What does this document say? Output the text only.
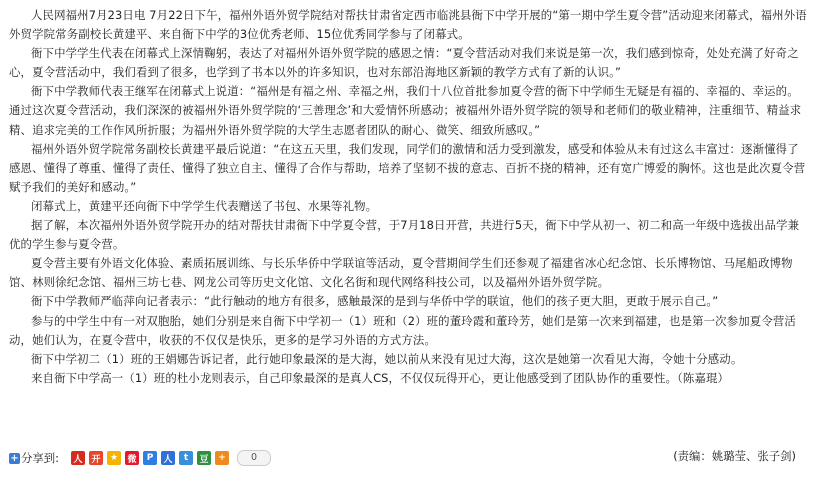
人民网福州7月23日电 7月22日下午，福州外语外贸学院结对帮扶甘肃省定西市临洮县衙下中学开展的“第一期中学生夏令营”活动迎来闭幕式，福州外语外贸学院常务副校长黄建平、来自衙下中学的3位优秀老师、15位优秀同学参与了闭幕式。

衙下中学学生代表在闭幕式上深情鞠躬，表达了对福州外语外贸学院的感恩之情：“夏令营活动对我们来说是第一次，我们感到惊奇，处处充满了好奇之心，夏令营活动中，我们看到了很多，也学到了书本以外的许多知识，也对东部沿海地区新颖的教学方式有了新的认识。”

衙下中学教师代表王继军在闭幕式上说道：“福州是有福之州、幸福之州，我们十八位首批参加夏令营的衙下中学师生无疑是有福的、幸福的、幸运的。通过这次夏令营活动，我们深深的被福州外语外贸学院的‘三善理念’和大爱情怀所感动；被福州外语外贸学院的领导和老师们的敬业精神，注重细节、精益求精、追求完美的工作作风所折服；为福州外语外贸学院的大学生志愿者团队的耐心、微笑、细致所感叹。”

福州外语外贸学院常务副校长黄建平最后说道：“在这五天里，我们发现，同学们的激情和活力受到激发，感受和体验从未有过这么丰富过：逐渐懂得了感恩、懂得了尊重、懂得了责任、懂得了独立自主、懂得了合作与帮助，培养了坚韧不拔的意志、百折不挠的精神，还有宽广博爱的胸怀。这也是此次夏令营赋予我们的美好和感动。”

闭幕式上，黄建平还向衙下中学学生代表赠送了书包、水果等礼物。

据了解，本次福州外语外贸学院开办的结对帮扶甘肃衙下中学夏令营，于7月18日开营，共进行5天，衙下中学从初一、初二和高一年级中选拔出品学兼优的学生参与夏令营。

夏令营主要有外语文化体验、素质拓展训练、与长乐华侨中学联谊等活动，夏令营期间学生们还参观了福建省冰心纪念馆、长乐博物馆、马尾船政博物馆、林则徐纪念馆、福州三坊七巷、网龙公司等历史文化馆、文化名街和现代网络科技公司，以及福州外语外贸学院。

衙下中学教师严临萍向记者表示：“此行触动的地方有很多，感触最深的是到与华侨中学的联谊，他们的孩子更大胆，更敢于展示自己。”

参与的中学生中有一对双胞胎，她们分别是来自衙下中学初一（1）班和（2）班的董玲霞和董玲芳，她们是第一次来到福建，也是第一次参加夏令营活动，她们认为，在夏令营中，收获的不仅仅是快乐，更多的是学习外语的方式方法。

衙下中学初二（1）班的王娟娜告诉记者，此行她印象最深的是大海，她以前从来没有见过大海，这次是她第一次看见大海，令她十分感动。

来自衙下中学高一（1）班的杜小龙则表示，自己印象最深的是真人CS，不仅仅玩得开心，更让他感受到了团队协作的重要性。（陈嘉琨）

+ 分享到: 人 开	★	微	P	人	t	豆	+	0	(责编：姚璐莹、张子剑)
